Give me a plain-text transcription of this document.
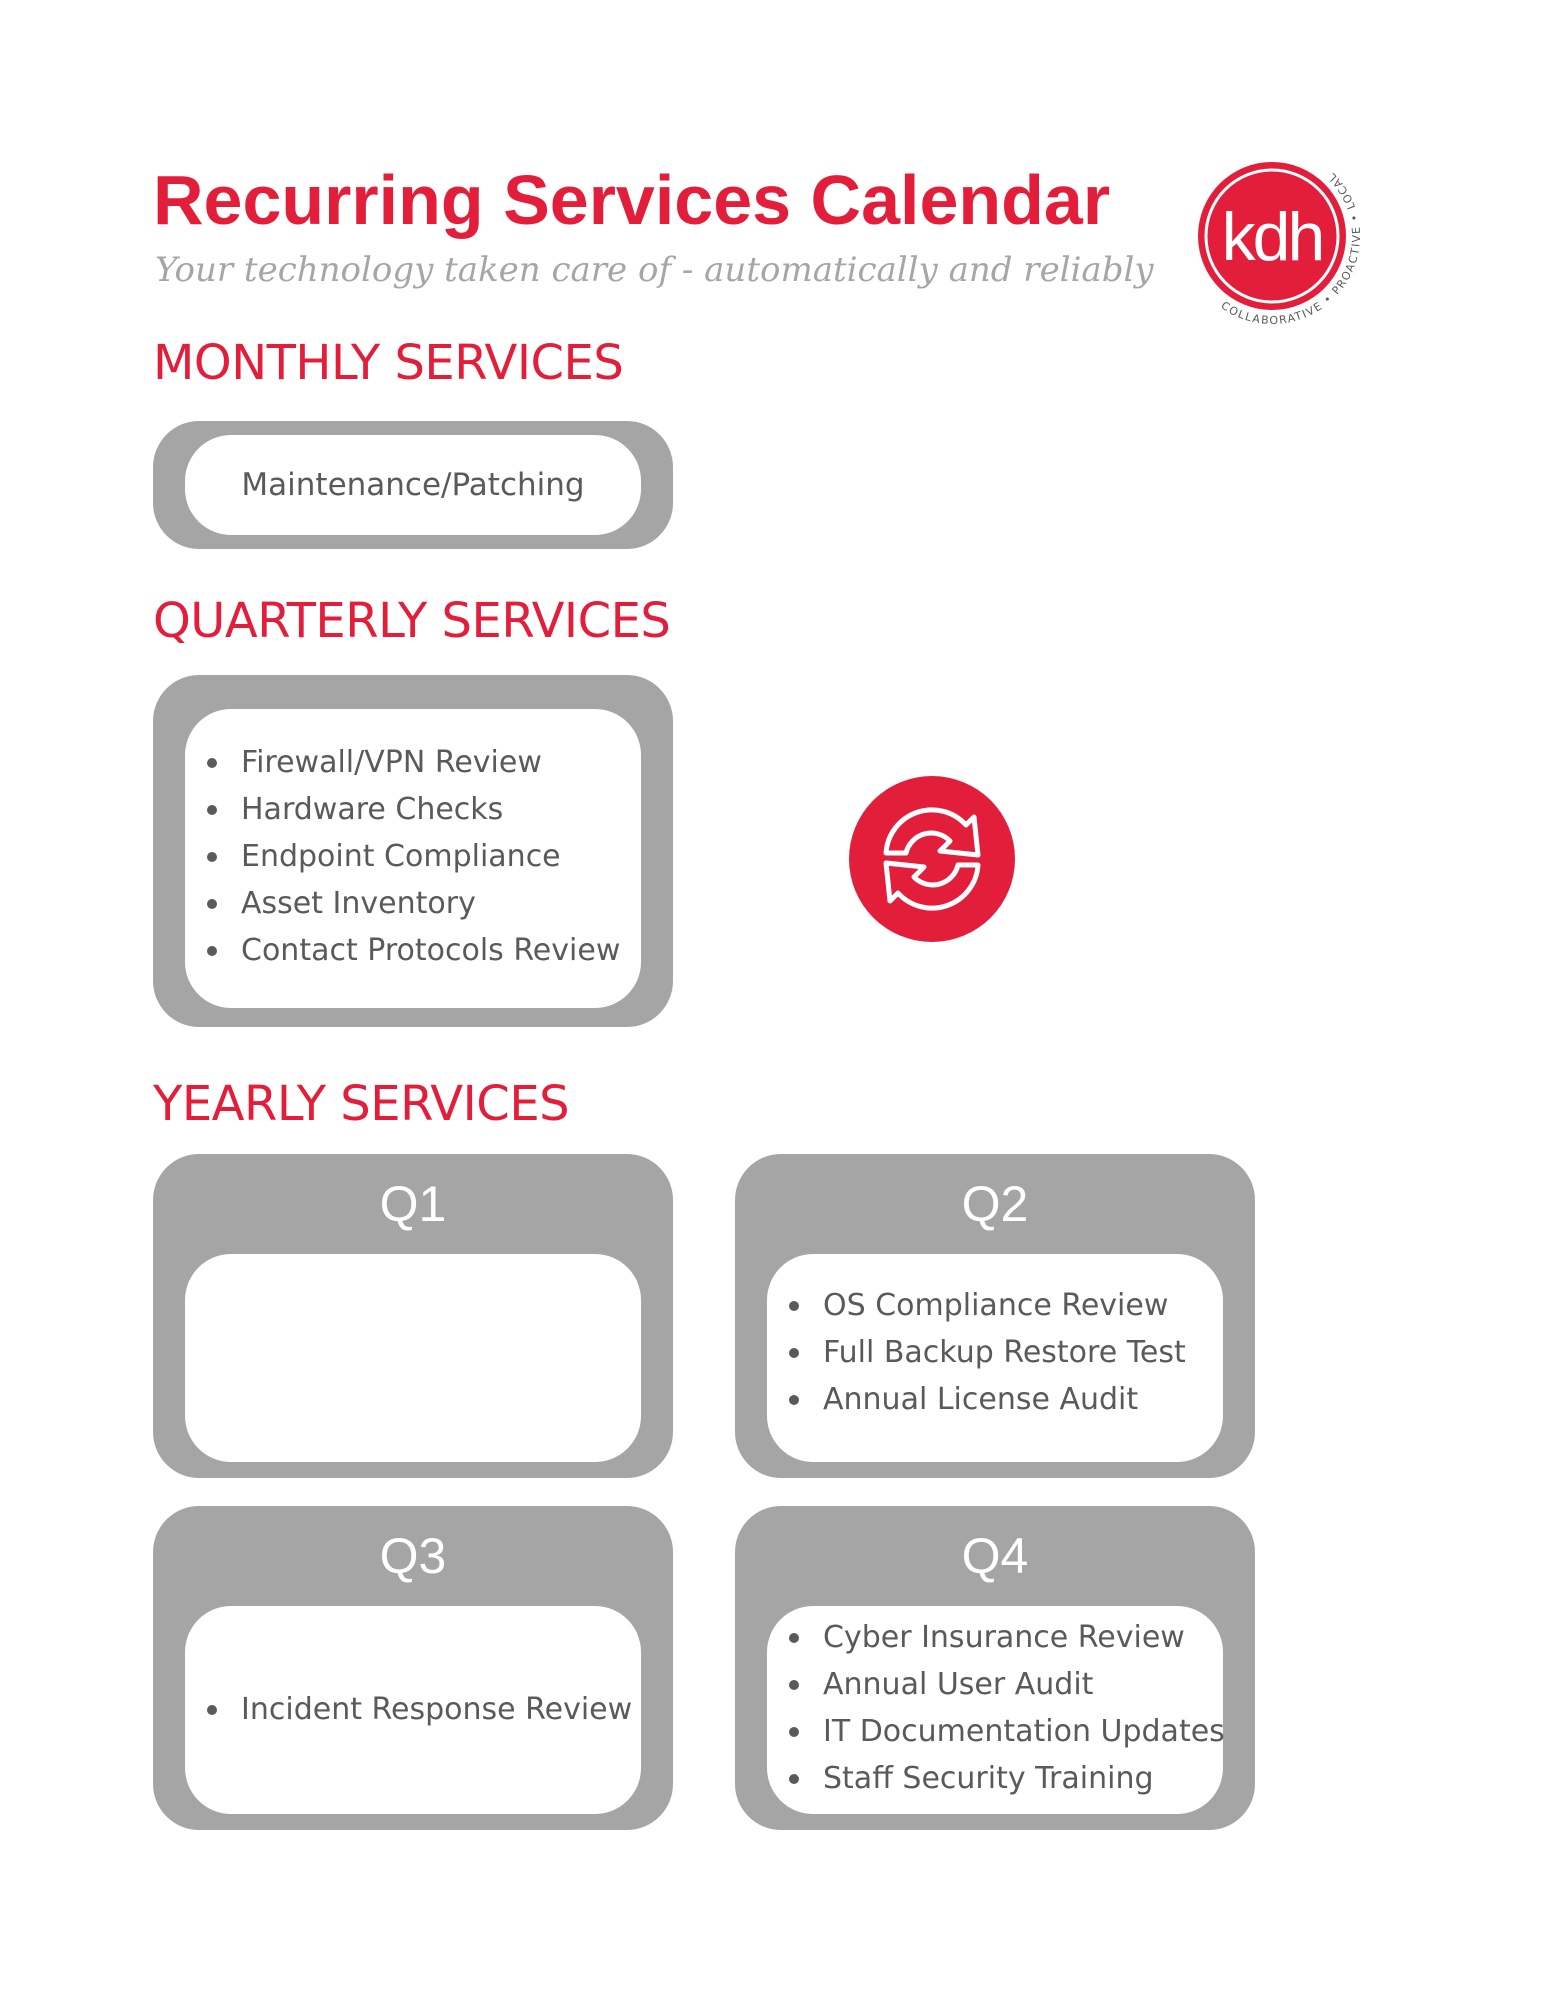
Recurring Services Calendar

Your technology taken care of - automatically and reliably kdh
COLLABORATIVE • PROACTIVE • LOCAL
MONTHLY SERVICES
Maintenance/Patching
QUARTERLY SERVICES
Firewall/VPN Review
Hardware Checks
Endpoint Compliance
Asset Inventory
Contact Protocols Review
YEARLY SERVICES
Q1	Q2
OS Compliance Review
Full Backup Restore Test
Annual License Audit
Q3
Incident Response Review
Q4
Cyber Insurance Review
Annual User Audit
IT Documentation Updates
Staff Security Training
